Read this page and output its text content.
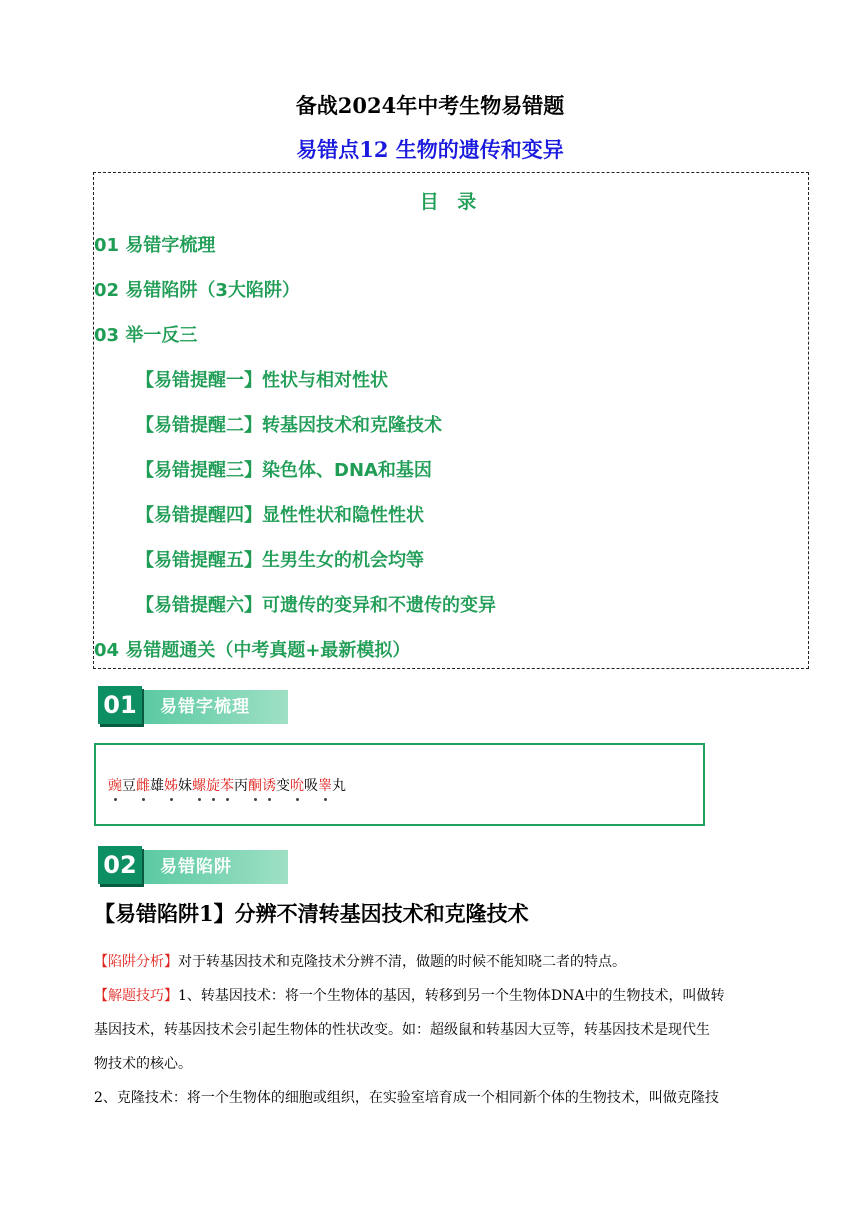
备战2024年中考生物易错题
易错点12 生物的遗传和变异
目 录
01 易错字梳理
02 易错陷阱（3大陷阱）
03 举一反三
【易错提醒一】性状与相对性状
【易错提醒二】转基因技术和克隆技术
【易错提醒三】染色体、DNA和基因
【易错提醒四】显性性状和隐性性状
【易错提醒五】生男生女的机会均等
【易错提醒六】可遗传的变异和不遗传的变异
04 易错题通关（中考真题+最新模拟）
01	易错字梳理
豌豆雌雄姊妹螺旋苯丙酮诱变吮吸睾丸
02	易错陷阱
【易错陷阱1】分辨不清转基因技术和克隆技术

【陷阱分析】对于转基因技术和克隆技术分辨不清，做题的时候不能知晓二者的特点。

【解题技巧】1、转基因技术：将一个生物体的基因，转移到另一个生物体DNA中的生物技术，叫做转

基因技术，转基因技术会引起生物体的性状改变。如：超级鼠和转基因大豆等，转基因技术是现代生

物技术的核心。

2、克隆技术：将一个生物体的细胞或组织，在实验室培育成一个相同新个体的生物技术，叫做克隆技
